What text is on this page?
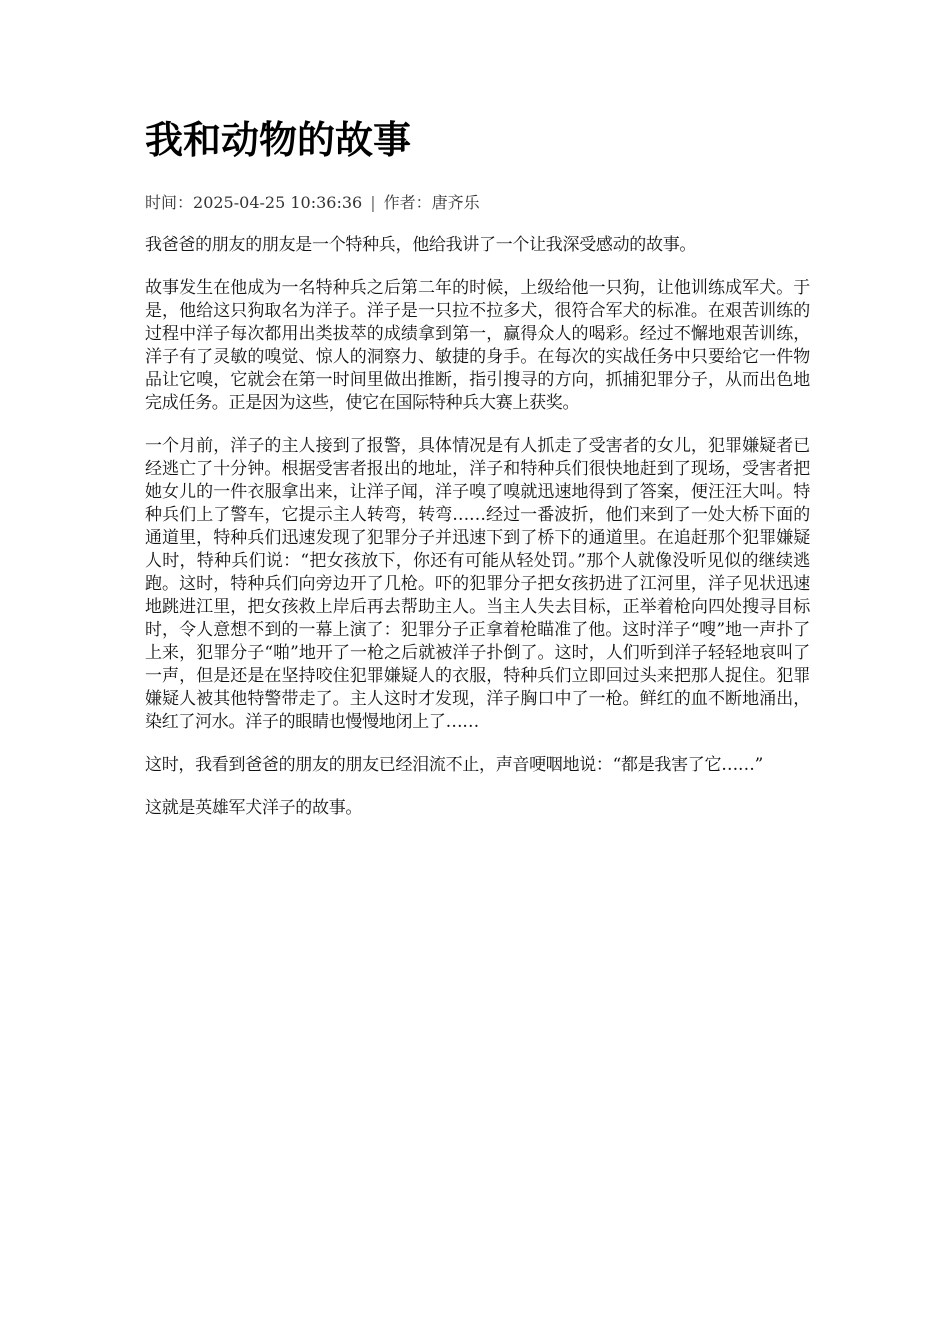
我和动物的故事
时间：2025-04-25 10:36:36 | 作者：唐齐乐

我爸爸的朋友的朋友是一个特种兵，他给我讲了一个让我深受感动的故事。

故事发生在他成为一名特种兵之后第二年的时候，上级给他一只狗，让他训练成军犬。于是，他给这只狗取名为洋子。洋子是一只拉不拉多犬，很符合军犬的标准。在艰苦训练的过程中洋子每次都用出类拔萃的成绩拿到第一，赢得众人的喝彩。经过不懈地艰苦训练，洋子有了灵敏的嗅觉、惊人的洞察力、敏捷的身手。在每次的实战任务中只要给它一件物品让它嗅，它就会在第一时间里做出推断，指引搜寻的方向，抓捕犯罪分子，从而出色地完成任务。正是因为这些，使它在国际特种兵大赛上获奖。

一个月前，洋子的主人接到了报警，具体情况是有人抓走了受害者的女儿，犯罪嫌疑者已经逃亡了十分钟。根据受害者报出的地址，洋子和特种兵们很快地赶到了现场，受害者把她女儿的一件衣服拿出来，让洋子闻，洋子嗅了嗅就迅速地得到了答案，便汪汪大叫。特种兵们上了警车，它提示主人转弯，转弯……经过一番波折，他们来到了一处大桥下面的通道里，特种兵们迅速发现了犯罪分子并迅速下到了桥下的通道里。在追赶那个犯罪嫌疑人时，特种兵们说：“把女孩放下，你还有可能从轻处罚。”那个人就像没听见似的继续逃跑。这时，特种兵们向旁边开了几枪。吓的犯罪分子把女孩扔进了江河里，洋子见状迅速地跳进江里，把女孩救上岸后再去帮助主人。当主人失去目标，正举着枪向四处搜寻目标时，令人意想不到的一幕上演了：犯罪分子正拿着枪瞄准了他。这时洋子“嗖”地一声扑了上来，犯罪分子“啪”地开了一枪之后就被洋子扑倒了。这时，人们听到洋子轻轻地哀叫了一声，但是还是在坚持咬住犯罪嫌疑人的衣服，特种兵们立即回过头来把那人捉住。犯罪嫌疑人被其他特警带走了。主人这时才发现，洋子胸口中了一枪。鲜红的血不断地涌出，染红了河水。洋子的眼睛也慢慢地闭上了……

这时，我看到爸爸的朋友的朋友已经泪流不止，声音哽咽地说：“都是我害了它……”

这就是英雄军犬洋子的故事。
